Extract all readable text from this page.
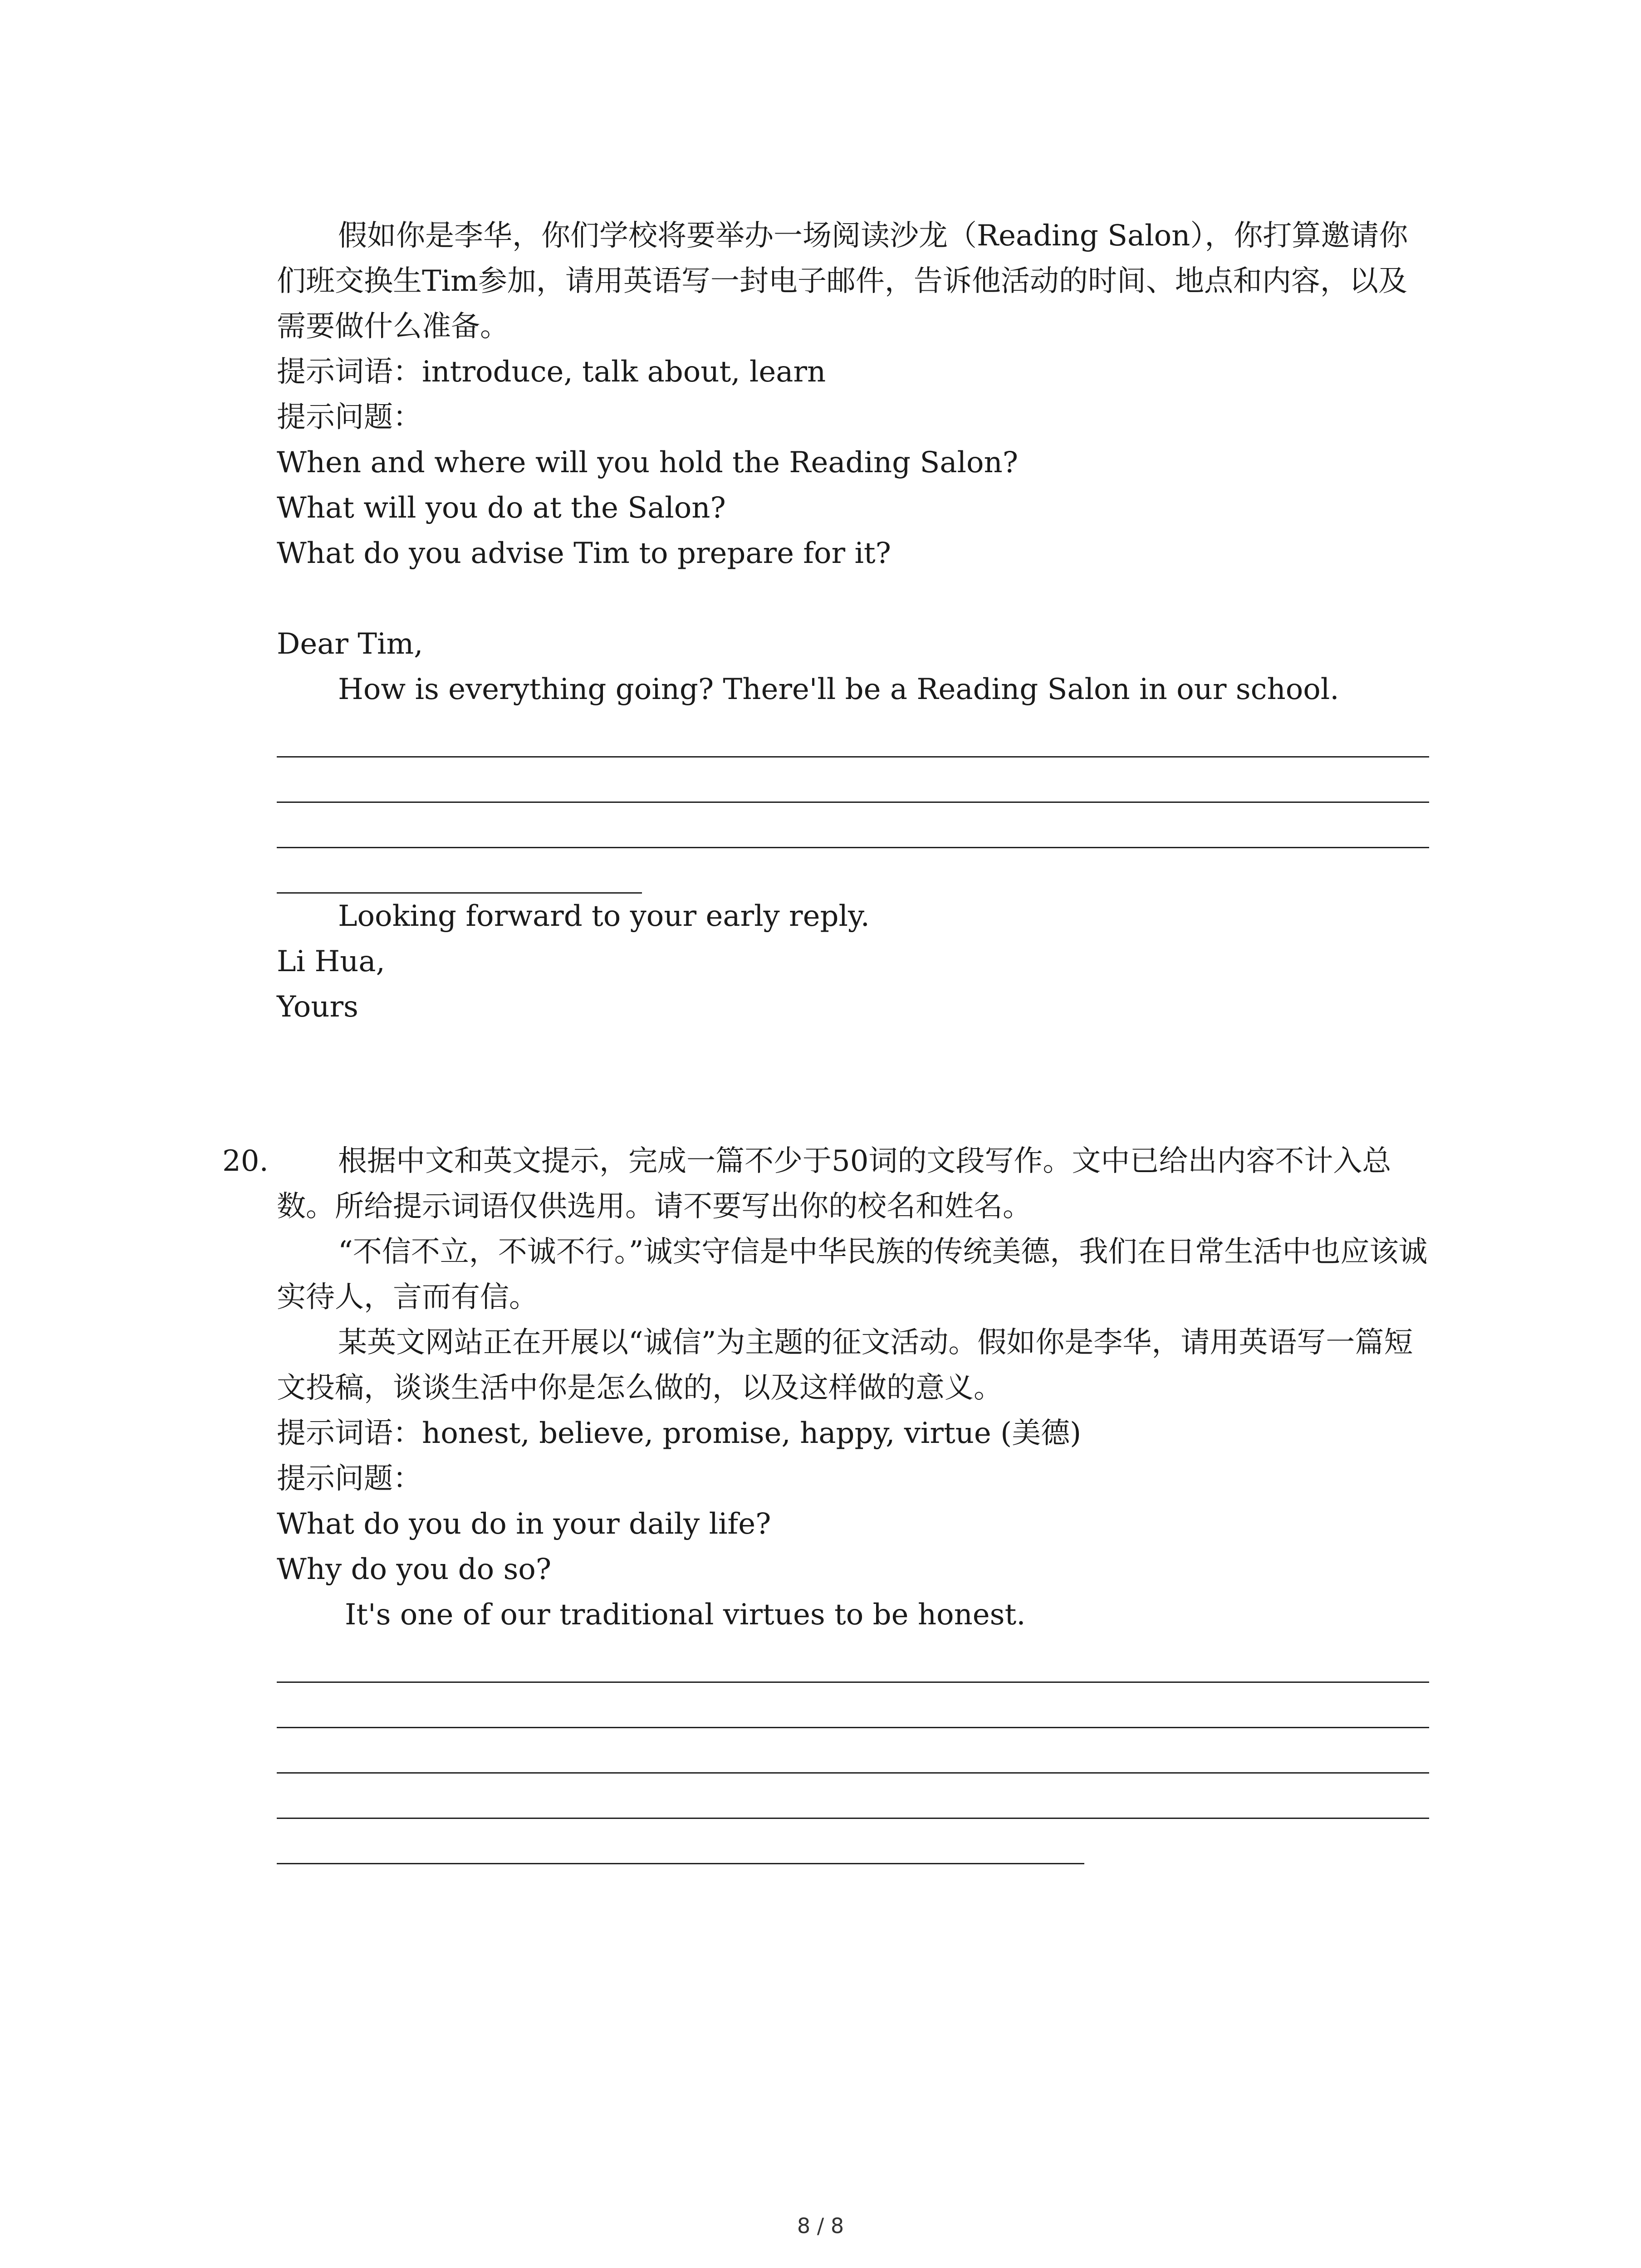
假如你是李华，你们学校将要举办一场阅读沙龙（Reading Salon），你打算邀请你们班交换生Tim参加，请用英语写一封电子邮件，告诉他活动的时间、地点和内容，以及需要做什么准备。

提示词语：introduce, talk about, learn

提示问题：

When and where will you hold the Reading Salon?

What will you do at the Salon?

What do you advise Tim to prepare for it?

Dear Tim,

How is everything going? There'll be a Reading Salon in our school.

Looking forward to your early reply.

Li Hua,

Yours

20.	根据中文和英文提示，完成一篇不少于50词的文段写作。文中已给出内容不计入总数。所给提示词语仅供选用。请不要写出你的校名和姓名。

“不信不立，不诚不行。”诚实守信是中华民族的传统美德，我们在日常生活中也应该诚实待人，言而有信。

某英文网站正在开展以“诚信”为主题的征文活动。假如你是李华，请用英语写一篇短文投稿，谈谈生活中你是怎么做的，以及这样做的意义。

提示词语：honest, believe, promise, happy, virtue (美德)

提示问题：

What do you do in your daily life?

Why do you do so?

It's one of our traditional virtues to be honest.

8 / 8
